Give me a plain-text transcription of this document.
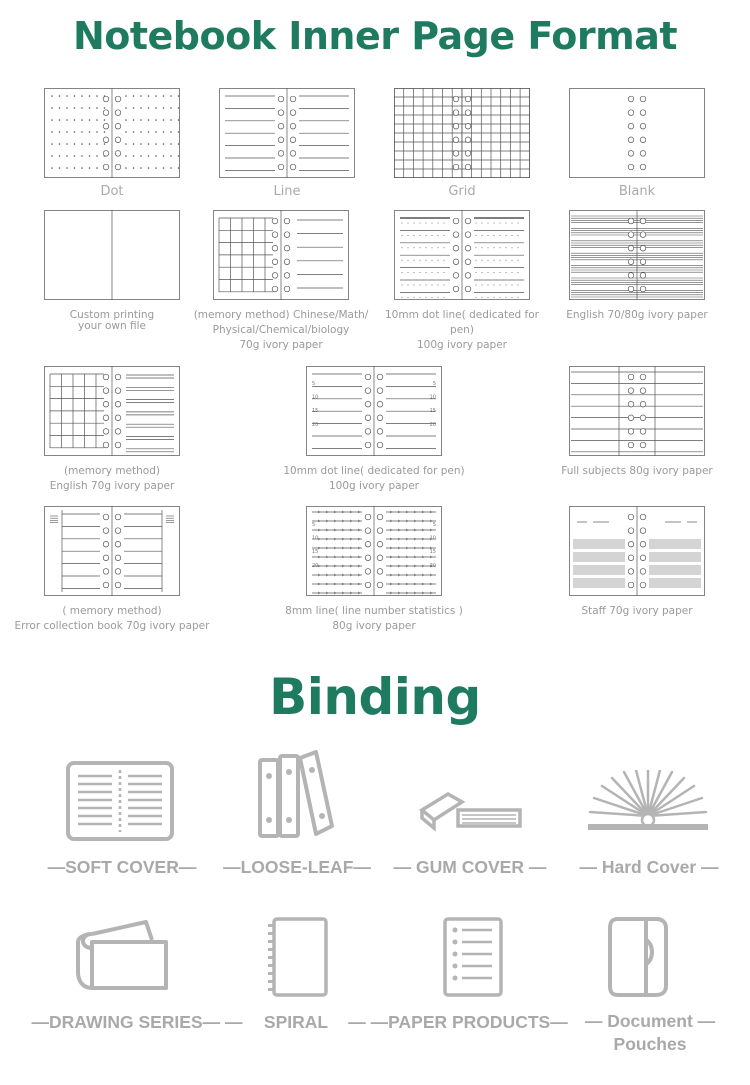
Notebook Inner Page Format
5	5
10	10
15	15
20	20
5	5
10	10
15	15
20	20
Dot	Line	Grid	Blank
Custom printing
your own file
(memory method) Chinese/Math/
Physical/Chemical/biology
70g ivory paper
10mm dot line( dedicated for pen)
100g ivory paper
English 70/80g ivory paper
(memory method)
English 70g ivory paper
10mm dot line( dedicated for pen)
100g ivory paper
Full subjects 80g ivory paper
( memory method)
Error collection book 70g ivory paper
8mm line( line number statistics )
80g ivory paper
Staff 70g ivory paper
Binding
—SOFT COVER—	—LOOSE-LEAF—	— GUM COVER —	— Hard Cover —
—DRAWING SERIES— —	SPIRAL	— —PAPER PRODUCTS— — Document —
Pouches
